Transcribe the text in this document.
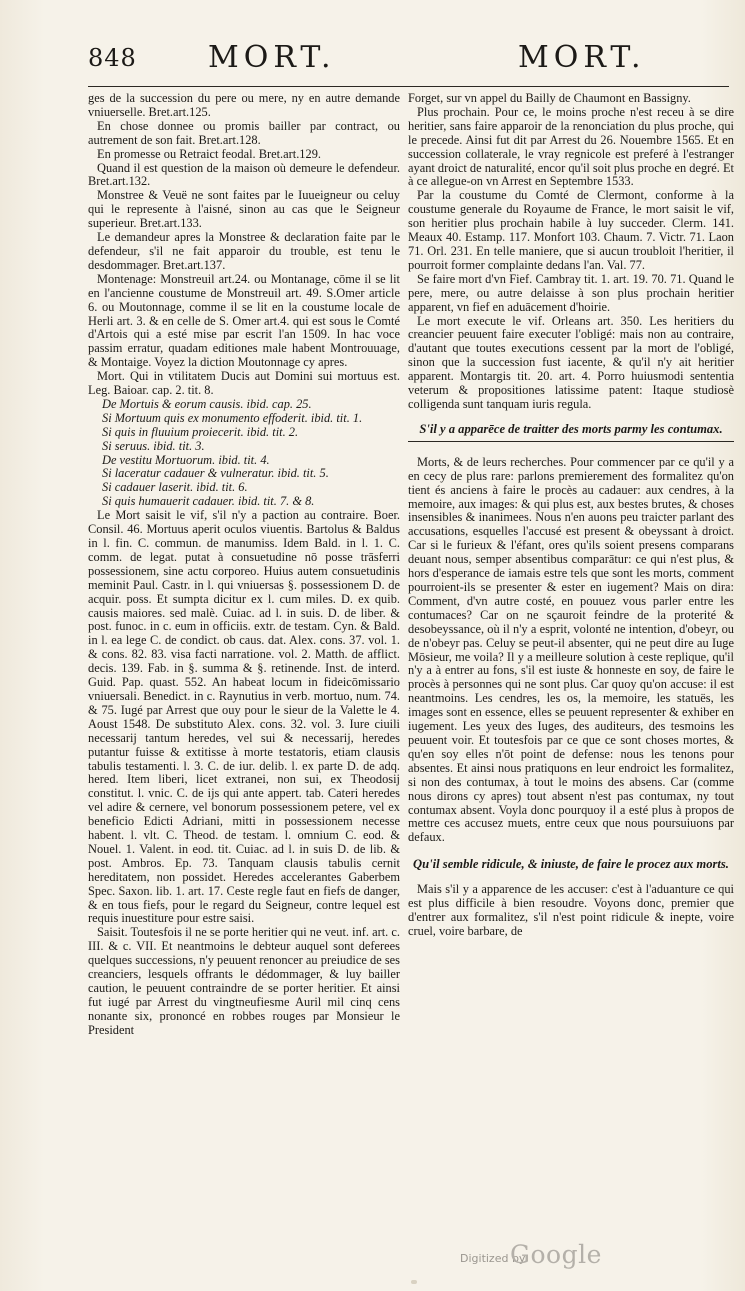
848 MORT.	MORT.

ges de la succession du pere ou mere, ny en autre demande vniuerselle. Bret.art.125.

En chose donnee ou promis bailler par contract, ou autrement de son fait. Bret.art.128.

En promesse ou Retraict feodal. Bret.art.129.

Quand il est question de la maison où demeure le defendeur. Bret.art.132.

Monstree & Veuë ne sont faites par le Iuueigneur ou celuy qui le represente à l'aisné, sinon au cas que le Seigneur superieur. Bret.art.133.

Le demandeur apres la Monstree & declaration faite par le defendeur, s'il ne fait apparoir du trouble, est tenu le desdommager. Bret.art.137.

Montenage: Monstreuil art.24. ou Montanage, cōme il se lit en l'ancienne coustume de Monstreuil art. 49. S.Omer article 6. ou Moutonnage, comme il se lit en la coustume locale de Herli art. 3. & en celle de S. Omer art.4. qui est sous le Comté d'Artois qui a esté mise par escrit l'an 1509. In hac voce passim erratur, quadam editiones male habent Montrouuage, & Montaige. Voyez la diction Moutonnage cy apres.

Mort. Qui in vtilitatem Ducis aut Domini sui mortuus est. Leg. Baioar. cap. 2. tit. 8.

De Mortuis & eorum causis. ibid. cap. 25.

Si Mortuum quis ex monumento effoderit. ibid. tit. 1.

Si quis in fluuium proiecerit. ibid. tit. 2.

Si seruus. ibid. tit. 3.

De vestitu Mortuorum. ibid. tit. 4.

Si laceratur cadauer & vulneratur. ibid. tit. 5.

Si cadauer laserit. ibid. tit. 6.

Si quis humauerit cadauer. ibid. tit. 7. & 8.

Le Mort saisit le vif, s'il n'y a paction au contraire. Boer. Consil. 46. Mortuus aperit oculos viuentis. Bartolus & Baldus in l. fin. C. commun. de manumiss. Idem Bald. in l. 1. C. comm. de legat. putat à consuetudine nō posse trāsferri possessionem, sine actu corporeo. Huius autem consuetudinis meminit Paul. Castr. in l. qui vniuersas §. possessionem D. de acquir. poss. Et sumpta dicitur ex l. cum miles. D. ex quib. causis maiores. sed malè. Cuiac. ad l. in suis. D. de liber. & post. funoc. in c. eum in officiis. extr. de testam. Cyn. & Bald. in l. ea lege C. de condict. ob caus. dat. Alex. cons. 37. vol. 1. & cons. 82. 83. visa facti narratione. vol. 2. Matth. de afflict. decis. 139. Fab. in §. summa & §. retinende. Inst. de interd. Guid. Pap. quast. 552. An habeat locum in fideicōmissario vniuersali. Benedict. in c. Raynutius in verb. mortuo, num. 74. & 75. Iugé par Arrest que ouy pour le sieur de la Valette le 4. Aoust 1548. De substituto Alex. cons. 32. vol. 3. Iure ciuili necessarij tantum heredes, vel sui & necessarij, heredes putantur fuisse & extitisse à morte testatoris, etiam clausis tabulis testamenti. l. 3. C. de iur. delib. l. ex parte D. de adq. hered. Item liberi, licet extranei, non sui, ex Theodosij constitut. l. vnic. C. de ijs qui ante appert. tab. Cateri heredes vel adire & cernere, vel bonorum possessionem petere, vel ex beneficio Edicti Adriani, mitti in possessionem necesse habent. l. vlt. C. Theod. de testam. l. omnium C. eod. & Nouel. 1. Valent. in eod. tit. Cuiac. ad l. in suis D. de lib. & post. Ambros. Ep. 73. Tanquam clausis tabulis cernit hereditatem, non possidet. Heredes accelerantes Gaberbem Spec. Saxon. lib. 1. art. 17. Ceste regle faut en fiefs de danger, & en tous fiefs, pour le regard du Seigneur, contre lequel est requis inuestiture pour estre saisi.

Saisit. Toutesfois il ne se porte heritier qui ne veut. inf. art. c. III. & c. VII. Et neantmoins le debteur auquel sont deferees quelques successions, n'y peuuent renoncer au preiudice de ses creanciers, lesquels offrants le dédommager, & luy bailler caution, le peuuent contraindre de se porter heritier. Et ainsi fut iugé par Arrest du vingtneufiesme Auril mil cinq cens nonante six, prononcé en robbes rouges par Monsieur le President

Forget, sur vn appel du Bailly de Chaumont en Bassigny.

Plus prochain. Pour ce, le moins proche n'est receu à se dire heritier, sans faire apparoir de la renonciation du plus proche, qui le precede. Ainsi fut dit par Arrest du 26. Nouembre 1565. Et en succession collaterale, le vray regnicole est preferé à l'estranger ayant droict de naturalité, encor qu'il soit plus proche en degré. Et à ce allegue-on vn Arrest en Septembre 1533.

Par la coustume du Comté de Clermont, conforme à la coustume generale du Royaume de France, le mort saisit le vif, son heritier plus prochain habile à luy succeder. Clerm. 141. Meaux 40. Estamp. 117. Monfort 103. Chaum. 7. Victr. 71. Laon 71. Orl. 231. En telle maniere, que si aucun troubloit l'heritier, il pourroit former complainte dedans l'an. Val. 77.

Se faire mort d'vn Fief. Cambray tit. 1. art. 19. 70. 71. Quand le pere, mere, ou autre delaisse à son plus prochain heritier apparent, vn fief en aduācement d'hoirie.

Le mort execute le vif. Orleans art. 350. Les heritiers du creancier peuuent faire executer l'obligé: mais non au contraire, d'autant que toutes executions cessent par la mort de l'obligé, sinon que la succession fust iacente, & qu'il n'y ait heritier apparent. Montargis tit. 20. art. 4. Porro huiusmodi sententia veterum & propositiones latissime patent: Itaque studiosè colligenda sunt tanquam iuris regula.

S'il y a apparēce de traitter des morts parmy les contumax.

Morts, & de leurs recherches. Pour commencer par ce qu'il y a en cecy de plus rare: parlons premierement des formalitez qu'on tient és anciens à faire le procès au cadauer: aux cendres, à la memoire, aux images: & qui plus est, aux bestes brutes, & choses insensibles & inanimees. Nous n'en auons peu traicter parlant des accusations, esquelles l'accusé est present & obeyssant à droict. Car si le furieux & l'éfant, ores qu'ils soient presens comparans deuant nous, semper absentibus comparātur: ce qui n'est plus, & hors d'esperance de iamais estre tels que sont les morts, comment pourroient-ils se presenter & ester en iugement? Mais on dira: Comment, d'vn autre costé, en pouuez vous parler entre les contumaces? Car on ne sçauroit feindre de la proterité & desobeyssance, où il n'y a esprit, volonté ne intention, d'obeyr, ou de n'obeyr pas. Celuy se peut-il absenter, qui ne peut dire au Iuge Mōsieur, me voila? Il y a meilleure solution à ceste replique, qu'il n'y a à entrer au fons, s'il est iuste & honneste en soy, de faire le procès à personnes qui ne sont plus. Car quoy qu'on accuse: il est neantmoins. Les cendres, les os, la memoire, les statuës, les images sont en essence, elles se peuuent representer & exhiber en iugement. Les yeux des Iuges, des auditeurs, des tesmoins les peuuent voir. Et toutesfois par ce que ce sont choses mortes, & qu'en soy elles n'ōt point de defense: nous les tenons pour absentes. Et ainsi nous pratiquons en leur endroict les formalitez, si non des contumax, à tout le moins des absens. Car (comme nous dirons cy apres) tout absent n'est pas contumax, ny tout contumax absent. Voyla donc pourquoy il a esté plus à propos de mettre ces accusez muets, entre ceux que nous poursuiuons par defaux.

Qu'il semble ridicule, & iniuste, de faire le procez aux morts.

Mais s'il y a apparence de les accuser: c'est à l'aduanture ce qui est plus difficile à bien resoudre. Voyons donc, premier que d'entrer aux formalitez, s'il n'est point ridicule & inepte, voire cruel, voire barbare, de

Digitized by
Google
